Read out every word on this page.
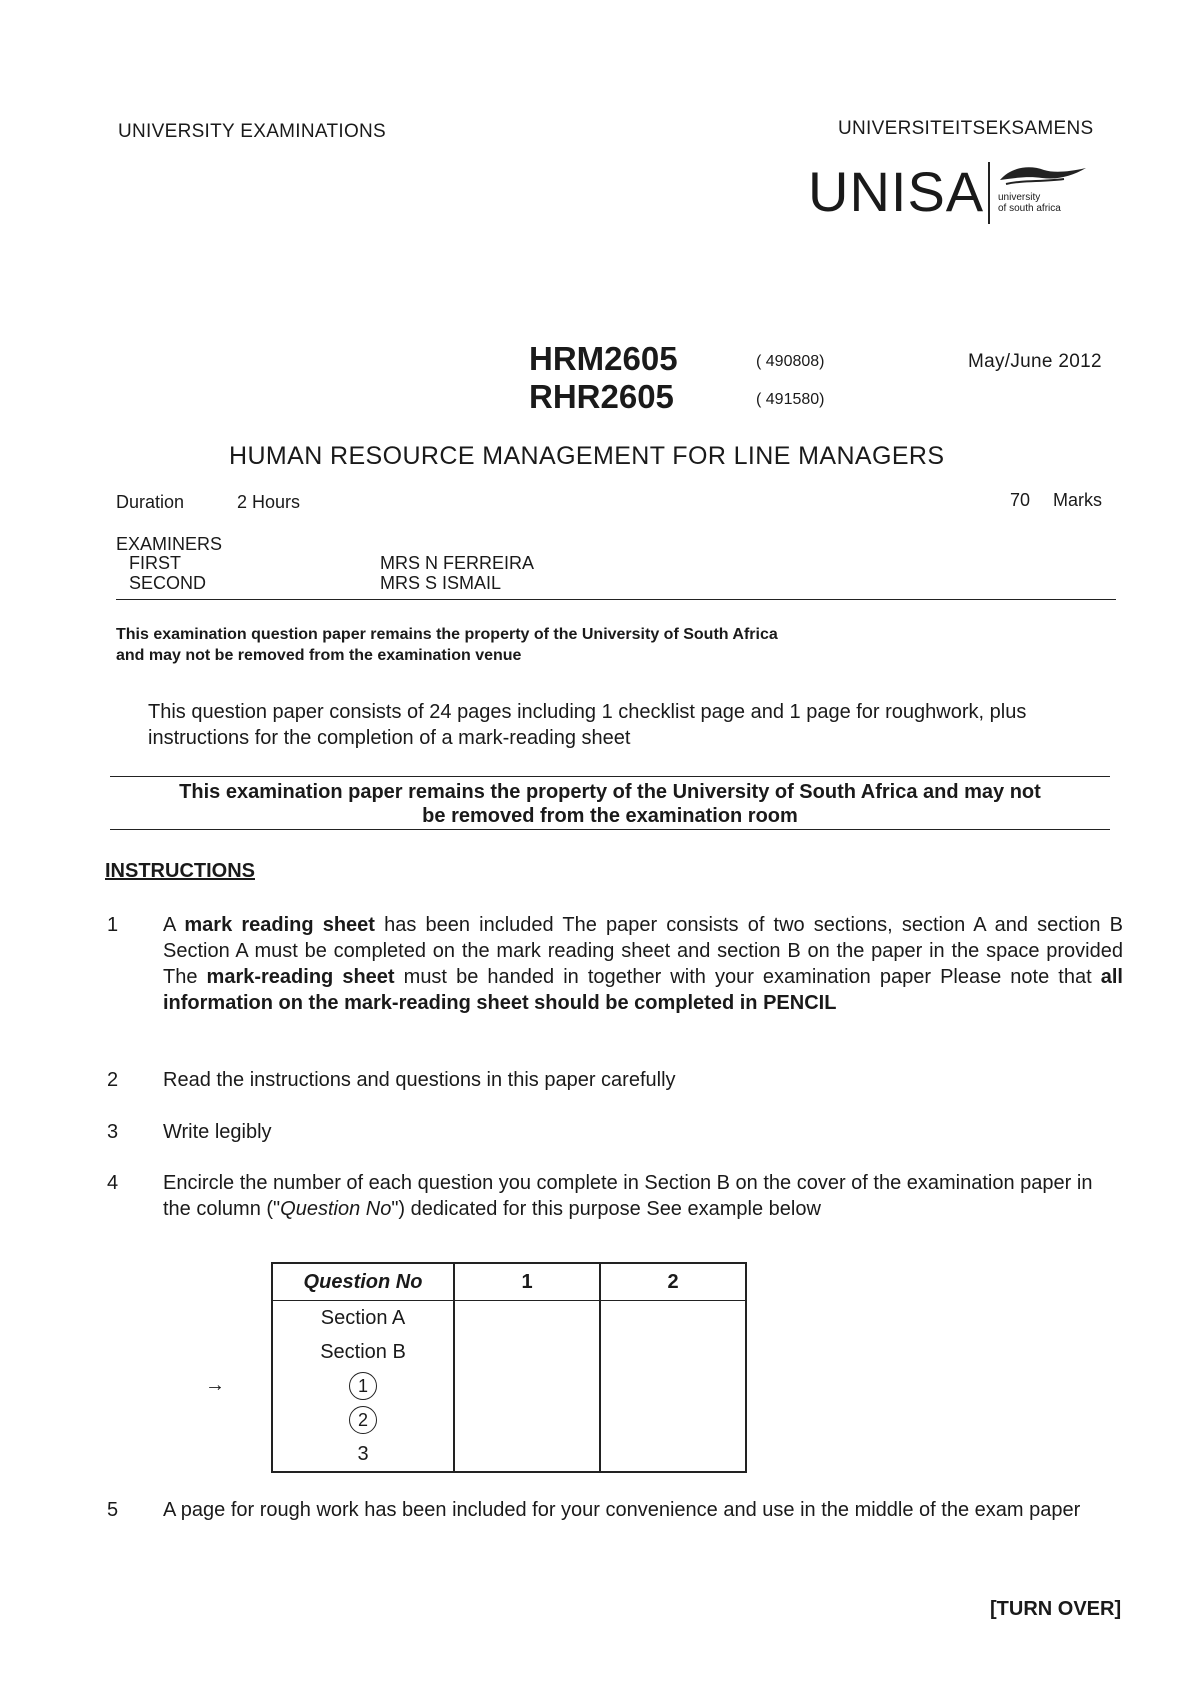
UNIVERSITY EXAMINATIONS	UNIVERSITEITSEKSAMENS
UNISA university
of south africa
HRM2605	( 490808)
RHR2605	( 491580)
May/June 2012
HUMAN RESOURCE MANAGEMENT FOR LINE MANAGERS
Duration	2 Hours	70 Marks
EXAMINERS
FIRST	MRS N FERREIRA
SECOND	MRS S ISMAIL
This examination question paper remains the property of the University of South Africa
and may not be removed from the examination venue
This question paper consists of 24 pages including 1 checklist page and 1 page for roughwork, plus
instructions for the completion of a mark-reading sheet
This examination paper remains the property of the University of South Africa and may not
be removed from the examination room
INSTRUCTIONS
1 A mark reading sheet has been included The paper consists of two sections, section A and section B Section A must be completed on the mark reading sheet and section B on the paper in the space provided The mark-reading sheet must be handed in together with your examination paper Please note that all information on the mark-reading sheet should be completed in PENCIL
2 Read the instructions and questions in this paper carefully
3 Write legibly
4 Encircle the number of each question you complete in Section B on the cover of the examination paper in the column ("Question No") dedicated for this purpose See example below
→
Question No	1	2
Section A		
Section B		
1		
2		
3		
5 A page for rough work has been included for your convenience and use in the middle of the exam paper
[TURN OVER]
